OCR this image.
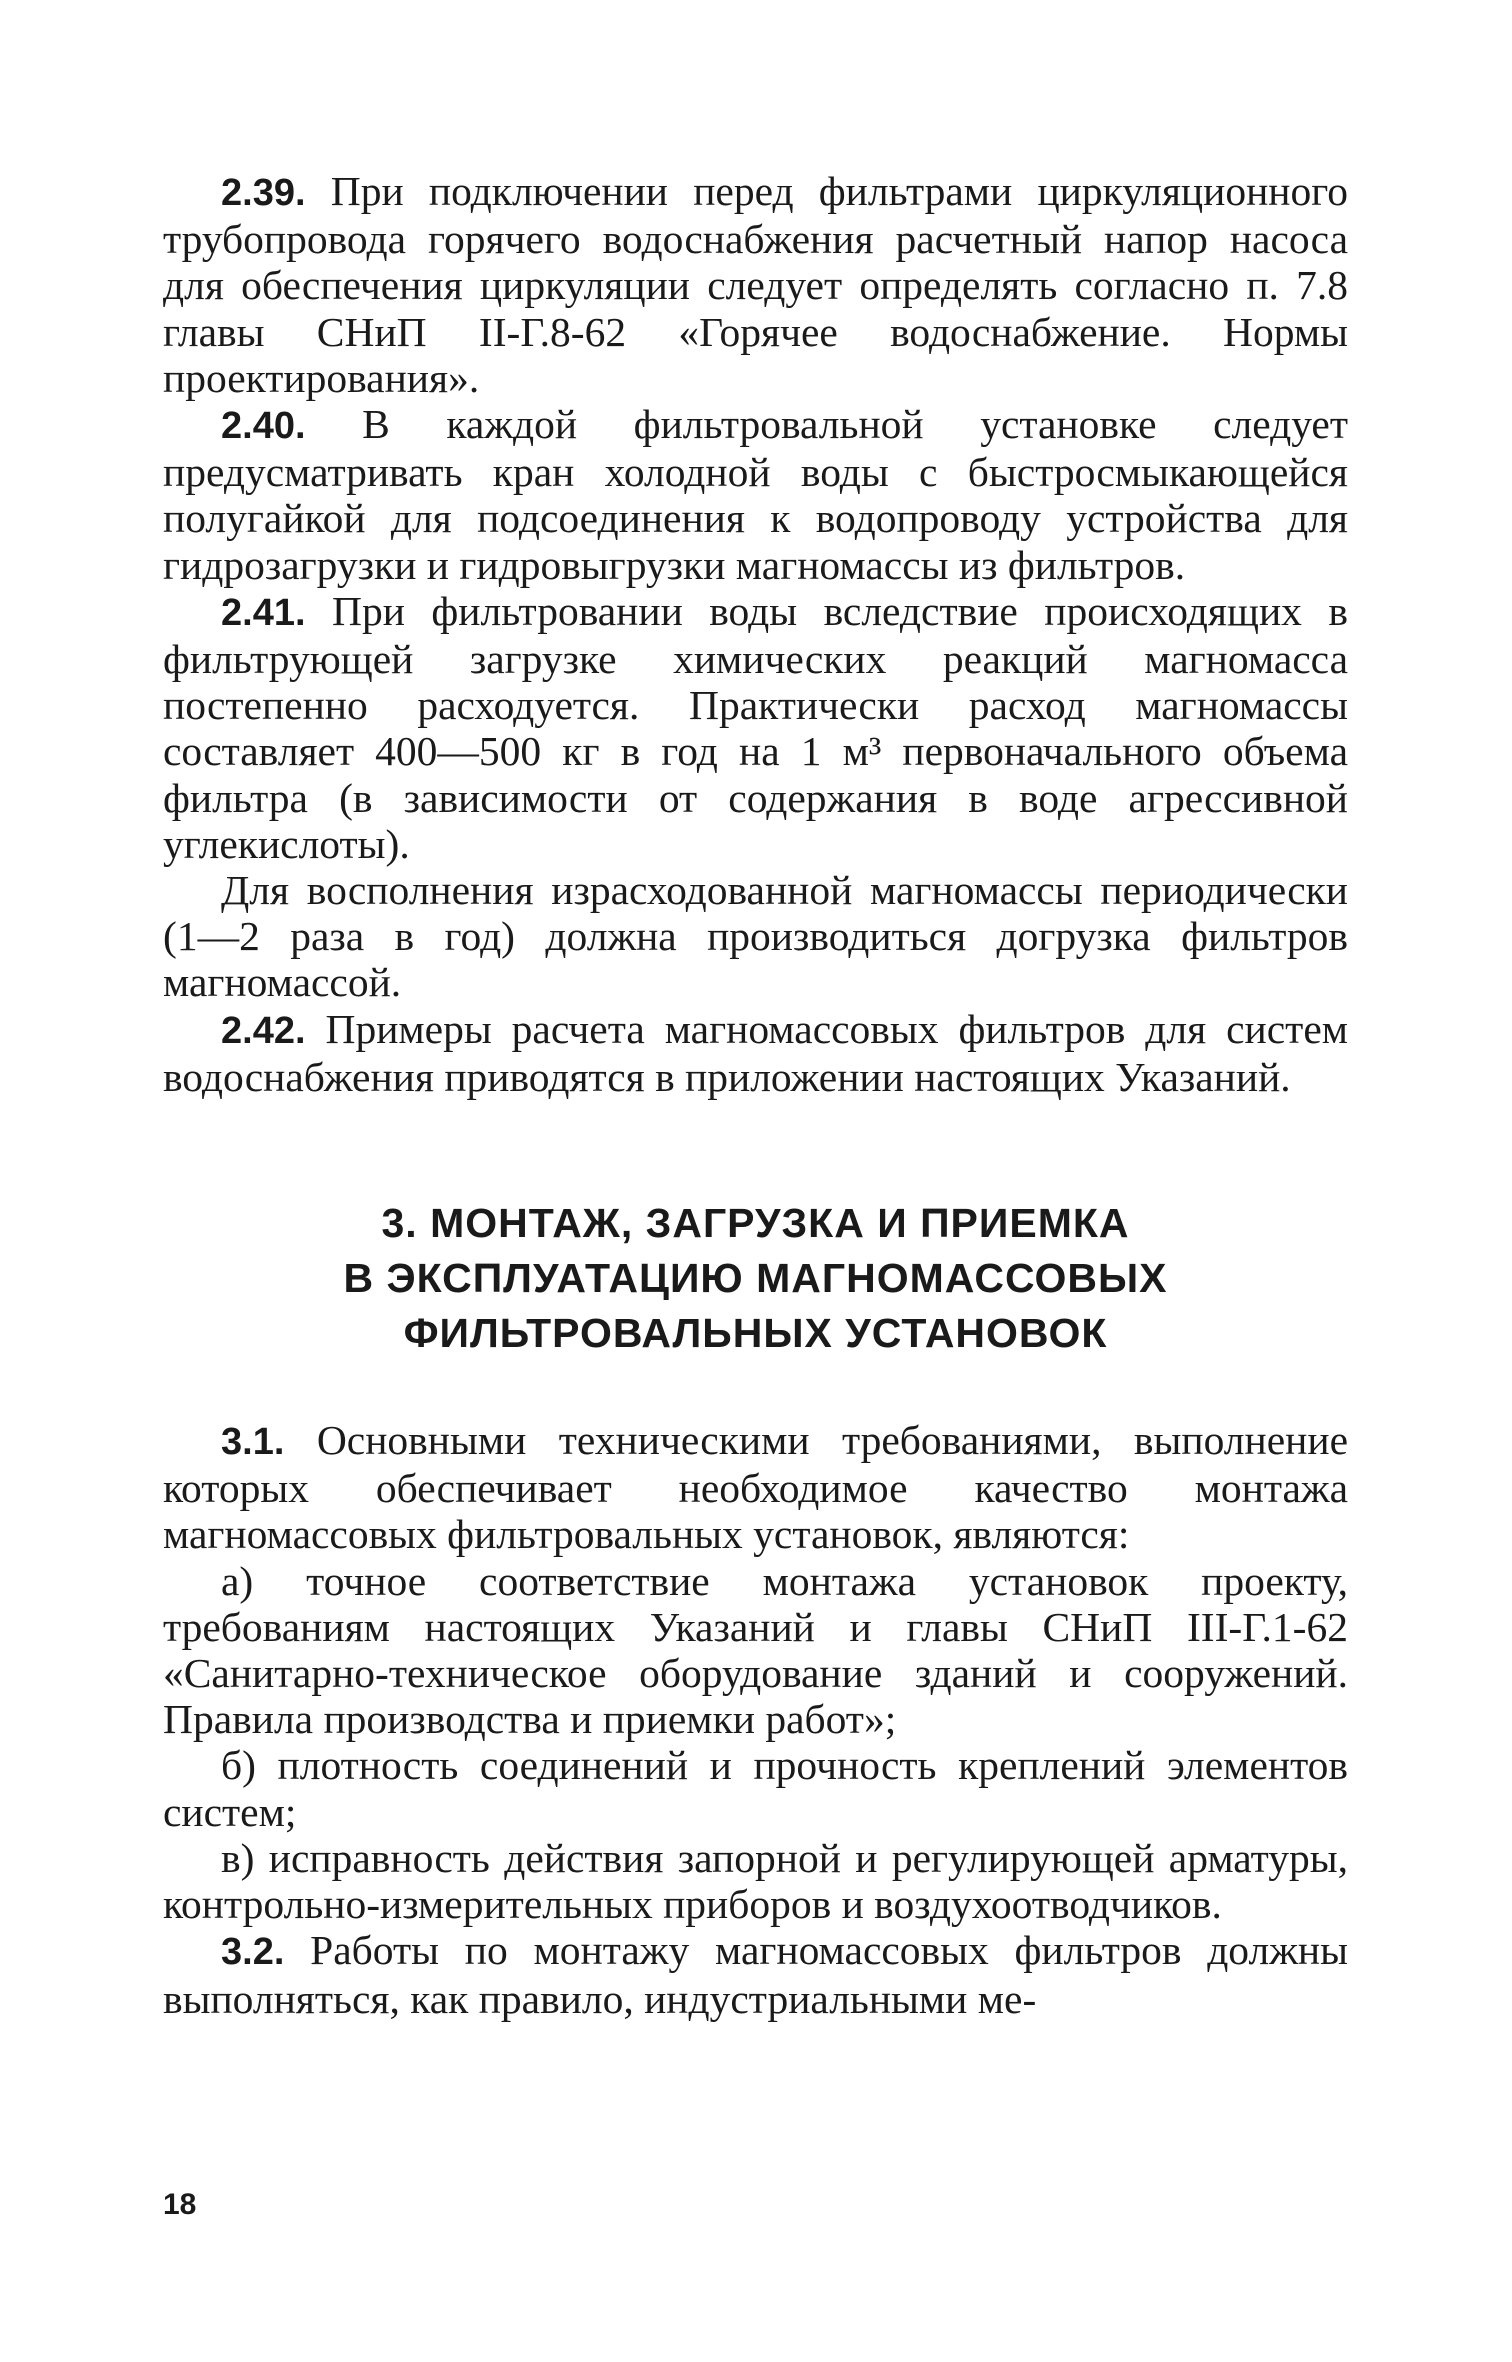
2.39. При подключении перед фильтрами циркуляционного трубопровода горячего водоснабжения расчетный напор насоса для обеспечения циркуляции следует определять согласно п. 7.8 главы СНиП II-Г.8-62 «Горячее водоснабжение. Нормы проектирования».

2.40. В каждой фильтровальной установке следует предусматривать кран холодной воды с быстросмыкающейся полугайкой для подсоединения к водопроводу устройства для гидрозагрузки и гидровыгрузки магномассы из фильтров.

2.41. При фильтровании воды вследствие происходящих в фильтрующей загрузке химических реакций магномасса постепенно расходуется. Практически расход магномассы составляет 400—500 кг в год на 1 м³ первоначального объема фильтра (в зависимости от содержания в воде агрессивной углекислоты).

Для восполнения израсходованной магномассы периодически (1—2 раза в год) должна производиться догрузка фильтров магномассой.

2.42. Примеры расчета магномассовых фильтров для систем водоснабжения приводятся в приложении настоящих Указаний.

3. МОНТАЖ, ЗАГРУЗКА И ПРИЕМКА
В ЭКСПЛУАТАЦИЮ МАГНОМАССОВЫХ
ФИЛЬТРОВАЛЬНЫХ УСТАНОВОК

3.1. Основными техническими требованиями, выполнение которых обеспечивает необходимое качество монтажа магномассовых фильтровальных установок, являются:

а) точное соответствие монтажа установок проекту, требованиям настоящих Указаний и главы СНиП III-Г.1-62 «Санитарно-техническое оборудование зданий и сооружений. Правила производства и приемки работ»;

б) плотность соединений и прочность креплений элементов систем;

в) исправность действия запорной и регулирующей арматуры, контрольно-измерительных приборов и воздухоотводчиков.

3.2. Работы по монтажу магномассовых фильтров должны выполняться, как правило, индустриальными ме-

18
